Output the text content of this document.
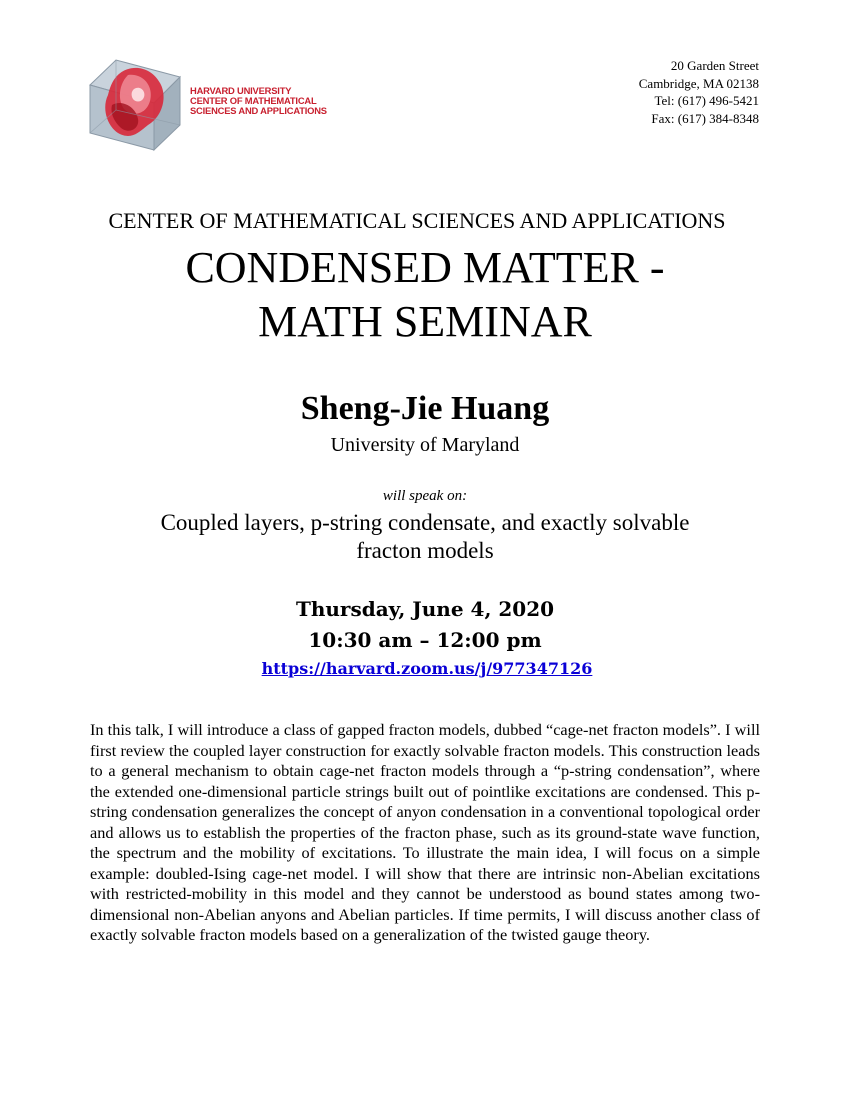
HARVARD UNIVERSITY
CENTER OF MATHEMATICAL
SCIENCES AND APPLICATIONS
20 Garden Street
Cambridge, MA 02138
Tel: (617) 496-5421
Fax: (617) 384-8348
CENTER OF MATHEMATICAL SCIENCES AND APPLICATIONS
CONDENSED MATTER -
MATH SEMINAR
Sheng-Jie Huang
University of Maryland
will speak on:
Coupled layers, p-string condensate, and exactly solvable
fracton models
Thursday, June 4, 2020
10:30 am – 12:00 pm
https://harvard.zoom.us/j/977347126
In this talk, I will introduce a class of gapped fracton models, dubbed “cage-net fracton models”. I will first review the coupled layer construction for exactly solvable fracton models. This construction leads to a general mechanism to obtain cage-net fracton models through a “p-string condensation”, where the extended one-dimensional particle strings built out of pointlike excitations are condensed. This p-string condensation generalizes the concept of anyon condensation in a conventional topological order and allows us to establish the properties of the fracton phase, such as its ground-state wave function, the spectrum and the mobility of excitations. To illustrate the main idea, I will focus on a simple example: doubled-Ising cage-net model. I will show that there are intrinsic non-Abelian excitations with restricted-mobility in this model and they cannot be understood as bound states among two-dimensional non-Abelian anyons and Abelian particles. If time permits, I will discuss another class of exactly solvable fracton models based on a generalization of the twisted gauge theory.
